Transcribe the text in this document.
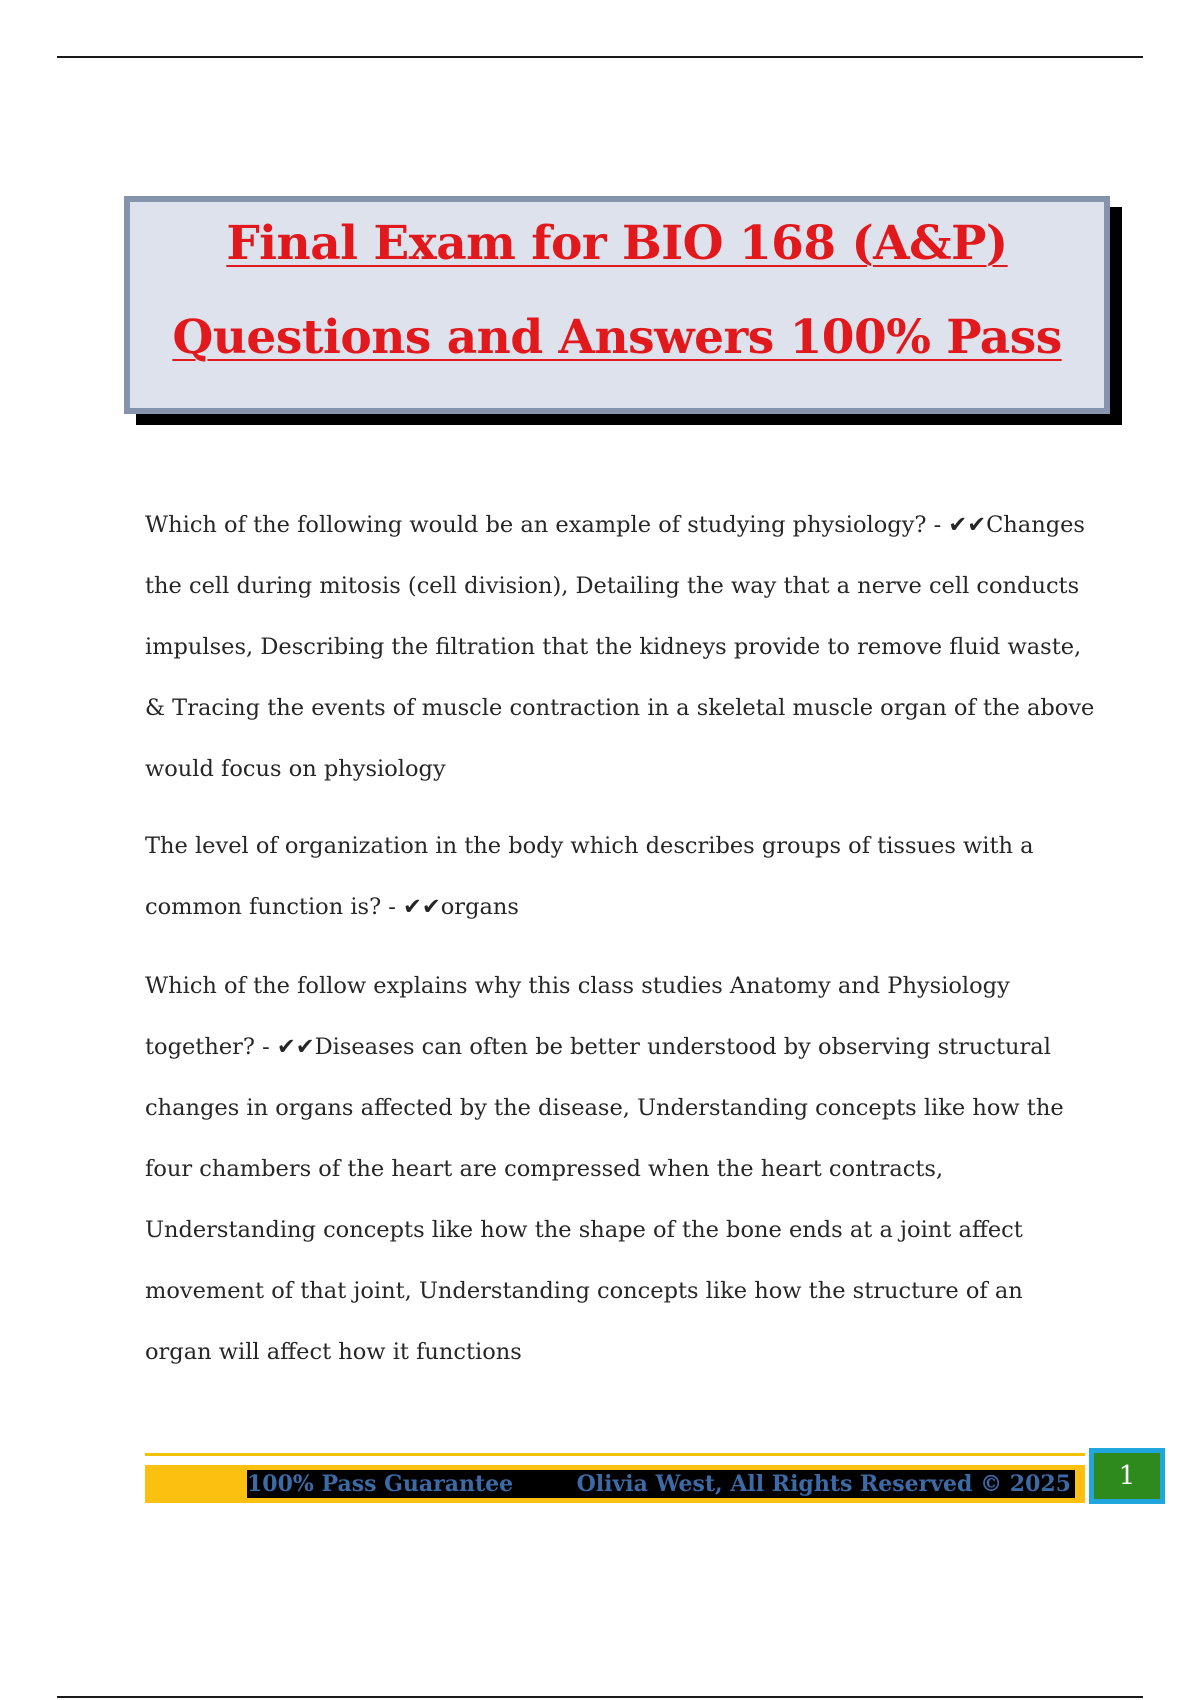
Final Exam for BIO 168 (A&P)
Questions and Answers 100% Pass

Which of the following would be an example of studying physiology? - ✔✔Changes the cell during mitosis (cell division), Detailing the way that a nerve cell conducts impulses, Describing the filtration that the kidneys provide to remove fluid waste, & Tracing the events of muscle contraction in a skeletal muscle organ of the above would focus on physiology

The level of organization in the body which describes groups of tissues with a common function is? - ✔✔organs

Which of the follow explains why this class studies Anatomy and Physiology together? - ✔✔Diseases can often be better understood by observing structural changes in organs affected by the disease, Understanding concepts like how the four chambers of the heart are compressed when the heart contracts, Understanding concepts like how the shape of the bone ends at a joint affect movement of that joint, Understanding concepts like how the structure of an organ will affect how it functions

100% Pass Guarantee	Olivia West, All Rights Reserved © 2025	1
